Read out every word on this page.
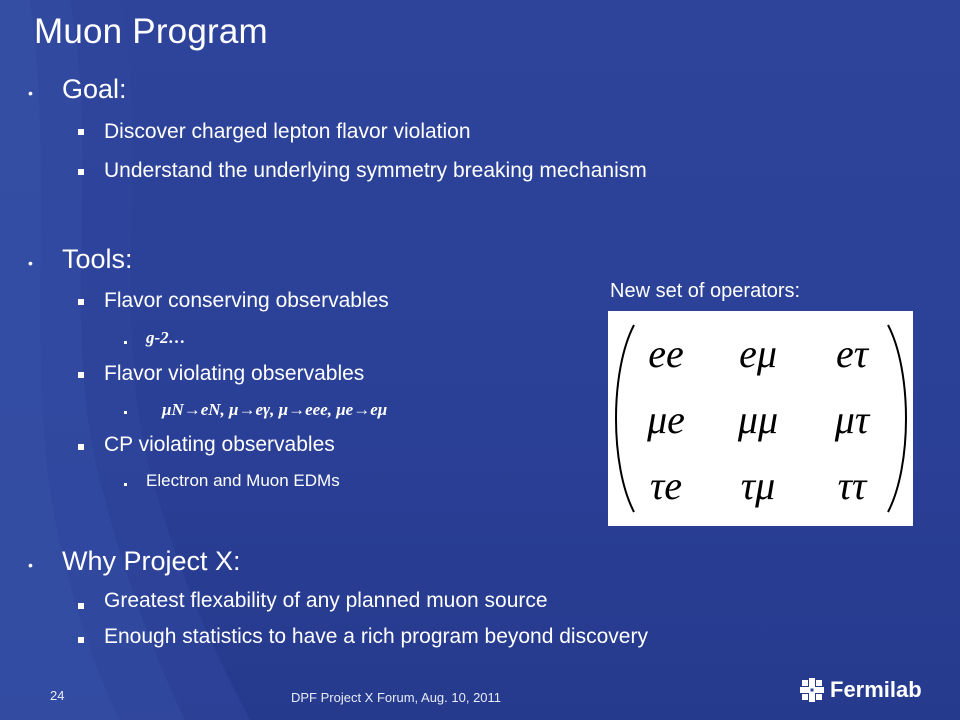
Muon Program
• Goal:
Discover charged lepton flavor violation
Understand the underlying symmetry breaking mechanism
• Tools:
Flavor conserving observables
g-2…
Flavor violating observables
μN→eN, μ→eγ, μ→eee, μe→eμ
CP violating observables
Electron and Muon EDMs
• Why Project X:
Greatest flexability of any planned muon source
Enough statistics to have a rich program beyond discovery
New set of operators:
ee eμ eτ
μe μμ μτ
τe τμ ττ
24	DPF Project X Forum, Aug. 10, 2011	Fermilab
